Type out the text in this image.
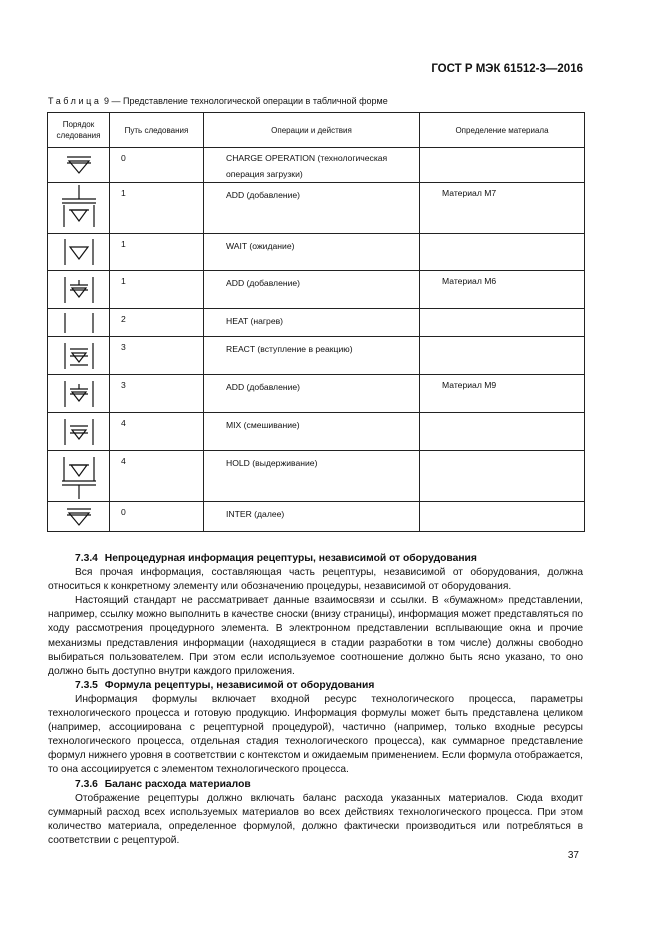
ГОСТ Р МЭК 61512-3—2016
Таблица 9 — Представление технологической операции в табличной форме
Порядок следования	Путь следования	Операции и действия	Определение материала

	0	CHARGE OPERATION (технологическая операция загрузки)	

	1	ADD (добавление)	Материал M7

	1	WAIT (ожидание)	

	1	ADD (добавление)	Материал M6

	2	HEAT (нагрев)	

	3	REACT (вступление в реакцию)	

	3	ADD (добавление)	Материал M9

	4	MIX (смешивание)	

	4	HOLD (выдерживание)	

	0	INTER (далее)	
7.3.4 Непроцедурная информация рецептуры, независимой от оборудования

Вся прочая информация, составляющая часть рецептуры, независимой от оборудования, должна относиться к конкретному элементу или обозначению процедуры, независимой от оборудования.

Настоящий стандарт не рассматривает данные взаимосвязи и ссылки. В «бумажном» представлении, например, ссылку можно выполнить в качестве сноски (внизу страницы), информация может представляться по ходу рассмотрения процедурного элемента. В электронном представлении всплывающие окна и прочие механизмы представления информации (находящиеся в стадии разработки в том числе) должны свободно выбираться пользователем. При этом если используемое соотношение должно быть ясно указано, то оно должно быть доступно внутри каждого приложения.

7.3.5 Формула рецептуры, независимой от оборудования

Информация формулы включает входной ресурс технологического процесса, параметры технологического процесса и готовую продукцию. Информация формулы может быть представлена целиком (например, ассоциирована с рецептурной процедурой), частично (например, только входные ресурсы технологического процесса, отдельная стадия технологического процесса), как суммарное представление формул нижнего уровня в соответствии с контекстом и ожидаемым применением. Если формула отображается, то она ассоциируется с элементом технологического процесса.

7.3.6 Баланс расхода материалов

Отображение рецептуры должно включать баланс расхода указанных материалов. Сюда входит суммарный расход всех используемых материалов во всех действиях технологического процесса. При этом количество материала, определенное формулой, должно фактически производиться или потребляться в соответствии с рецептурой.

37
